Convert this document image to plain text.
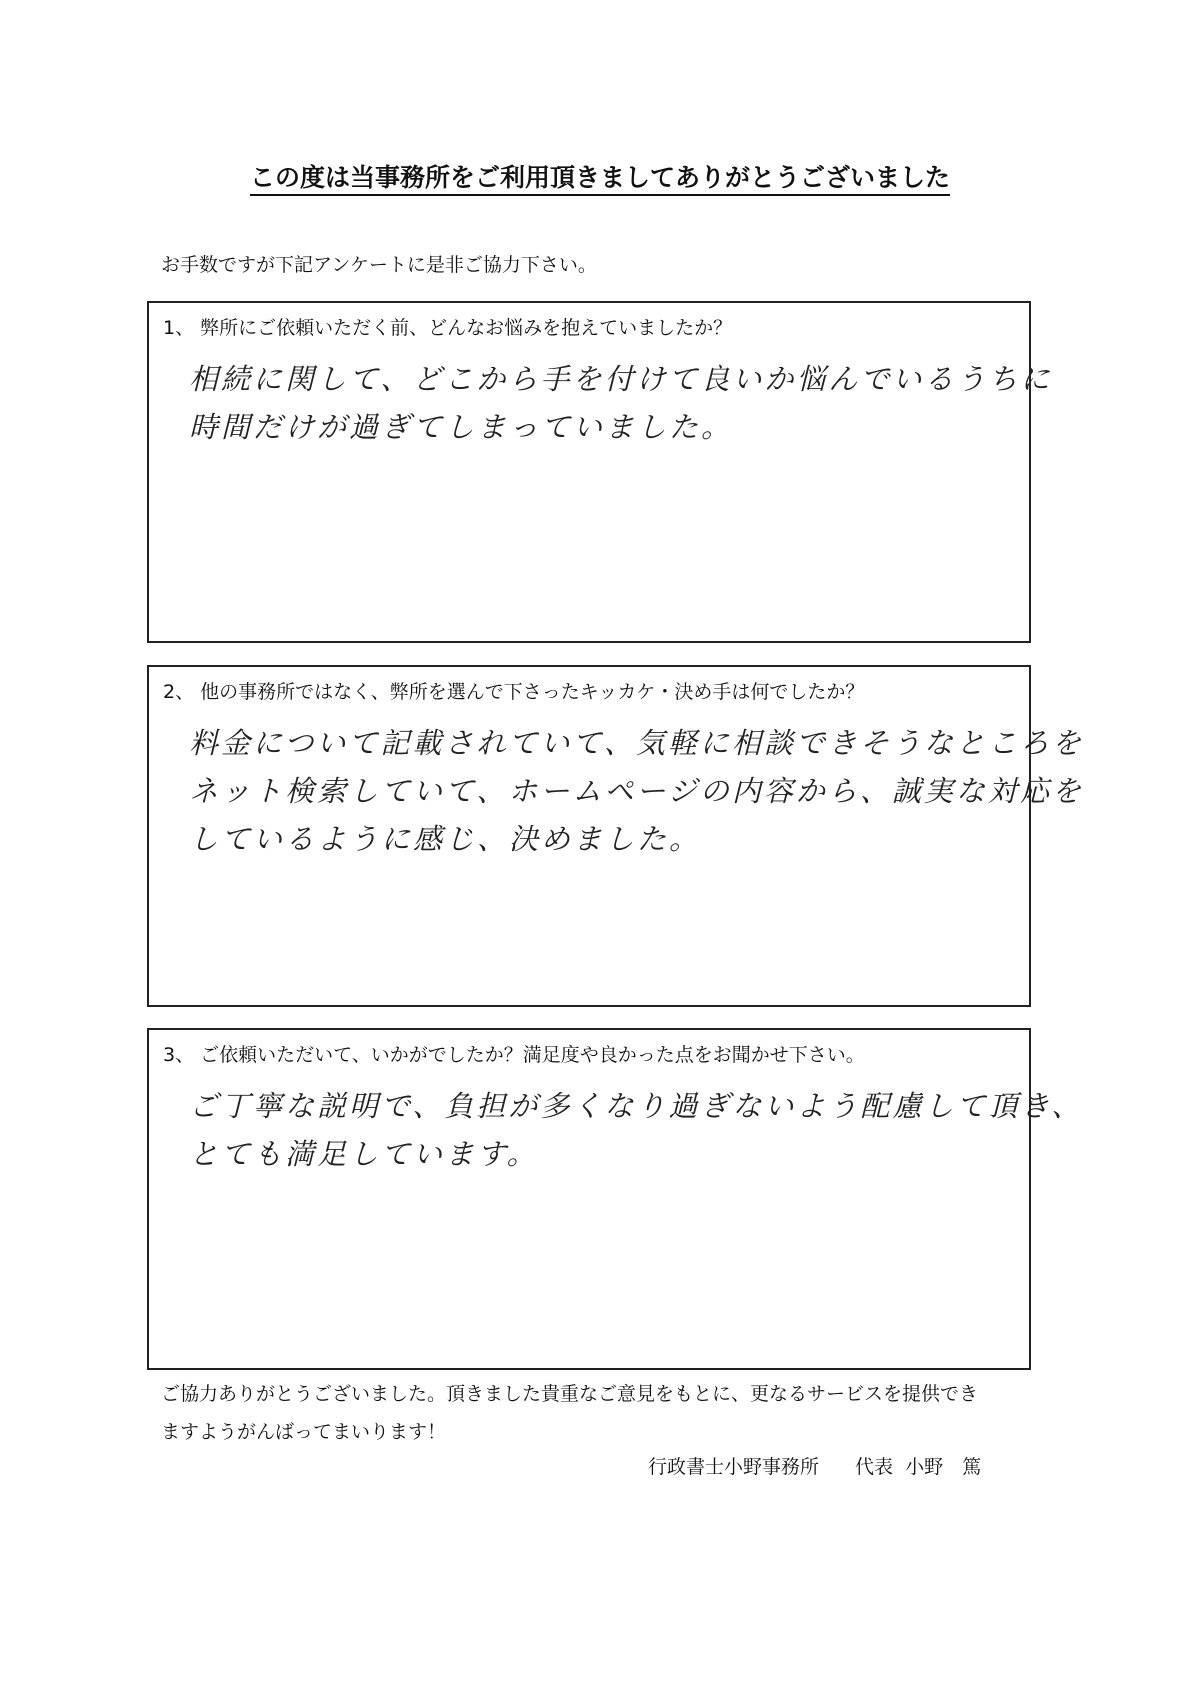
この度は当事務所をご利用頂きましてありがとうございました
お手数ですが下記アンケートに是非ご協力下さい。
1、 弊所にご依頼いただく前、どんなお悩みを抱えていましたか？
相続に関して、どこから手を付けて良いか悩んでいるうちに
時間だけが過ぎてしまっていました。
2、 他の事務所ではなく、弊所を選んで下さったキッカケ・決め手は何でしたか？
料金について記載されていて、気軽に相談できそうなところを
ネット検索していて、ホームページの内容から、誠実な対応を
しているように感じ、決めました。
3、 ご依頼いただいて、いかがでしたか？満足度や良かった点をお聞かせ下さい。
ご丁寧な説明で、負担が多くなり過ぎないよう配慮して頂き、
とても満足しています。
ご協力ありがとうございました。頂きました貴重なご意見をもとに、更なるサービスを提供でき
ますようがんばってまいります！
行政書士小野事務所 代表 小野　篤
